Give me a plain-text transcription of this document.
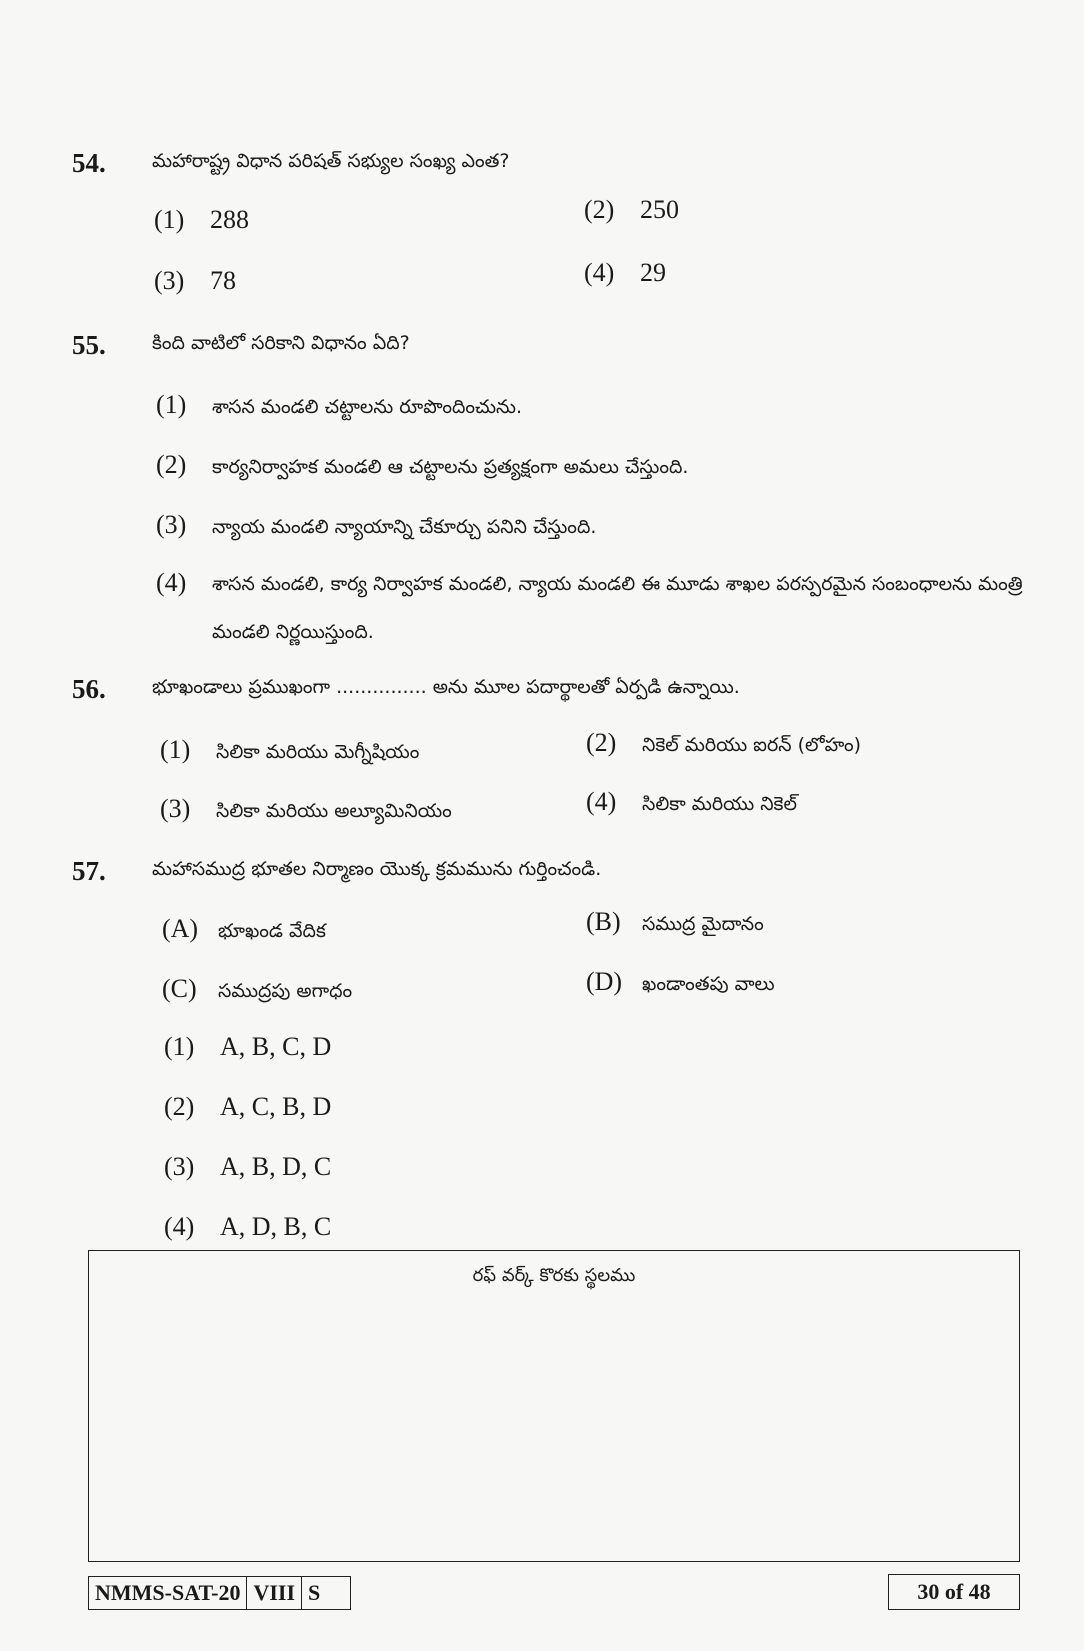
54. మహారాష్ట్ర విధాన పరిషత్ సభ్యుల సంఖ్య ఎంత?
(1) 288	(2) 250
(3) 78	(4) 29
55. కింది వాటిలో సరికాని విధానం ఏది?
(1) శాసన మండలి చట్టాలను రూపొందించును.
(2) కార్యనిర్వాహక మండలి ఆ చట్టాలను ప్రత్యక్షంగా అమలు చేస్తుంది.
(3) న్యాయ మండలి న్యాయాన్ని చేకూర్చు పనిని చేస్తుంది.
(4)	శాసన మండలి, కార్య నిర్వాహక మండలి, న్యాయ మండలి ఈ మూడు శాఖల పరస్పరమైన సంబంధాలను మంత్రి మండలి నిర్ణయిస్తుంది.
56. భూఖండాలు ప్రముఖంగా ............... అను మూల పదార్థాలతో ఏర్పడి ఉన్నాయి.
(1) సిలికా మరియు మెగ్నీషియం	(2) నికెల్ మరియు ఐరన్ (లోహం)
(3) సిలికా మరియు అల్యూమినియం	(4) సిలికా మరియు నికెల్
57. మహాసముద్ర భూతల నిర్మాణం యొక్క క్రమమును గుర్తించండి.
(A) భూఖండ వేదిక	(B) సముద్ర మైదానం
(C) సముద్రపు అగాధం	(D) ఖండాంతపు వాలు
(1) A, B, C, D
(2) A, C, B, D
(3) A, B, D, C
(4) A, D, B, C
రఫ్ వర్క్ కొరకు స్థలము
NMMS-SAT-20 VIII S	30 of 48
